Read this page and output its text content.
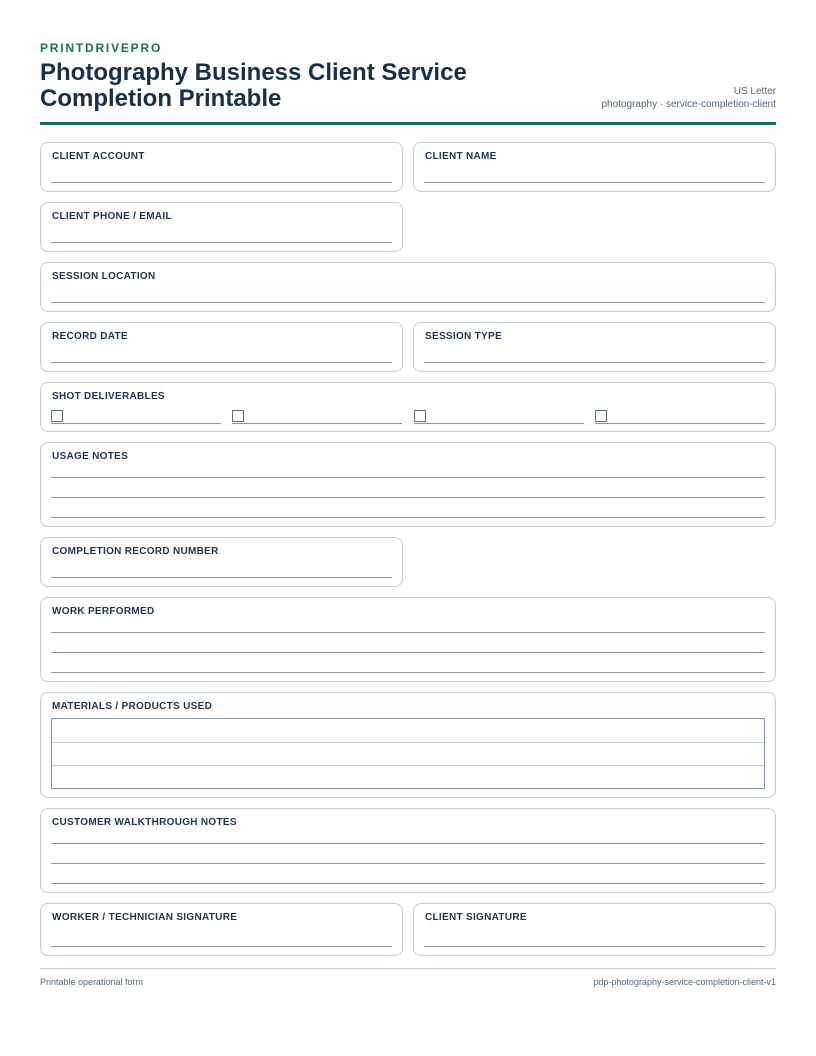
PRINTDRIVEPRO
Photography Business Client Service Completion Printable	US Letter
photography · service-completion-client
CLIENT ACCOUNT	CLIENT NAME
CLIENT PHONE / EMAIL
SESSION LOCATION
RECORD DATE	SESSION TYPE
SHOT DELIVERABLES
USAGE NOTES
COMPLETION RECORD NUMBER
WORK PERFORMED
MATERIALS / PRODUCTS USED
CUSTOMER WALKTHROUGH NOTES
WORKER / TECHNICIAN SIGNATURE	CLIENT SIGNATURE
Printable operational form	pdp-photography-service-completion-client-v1
